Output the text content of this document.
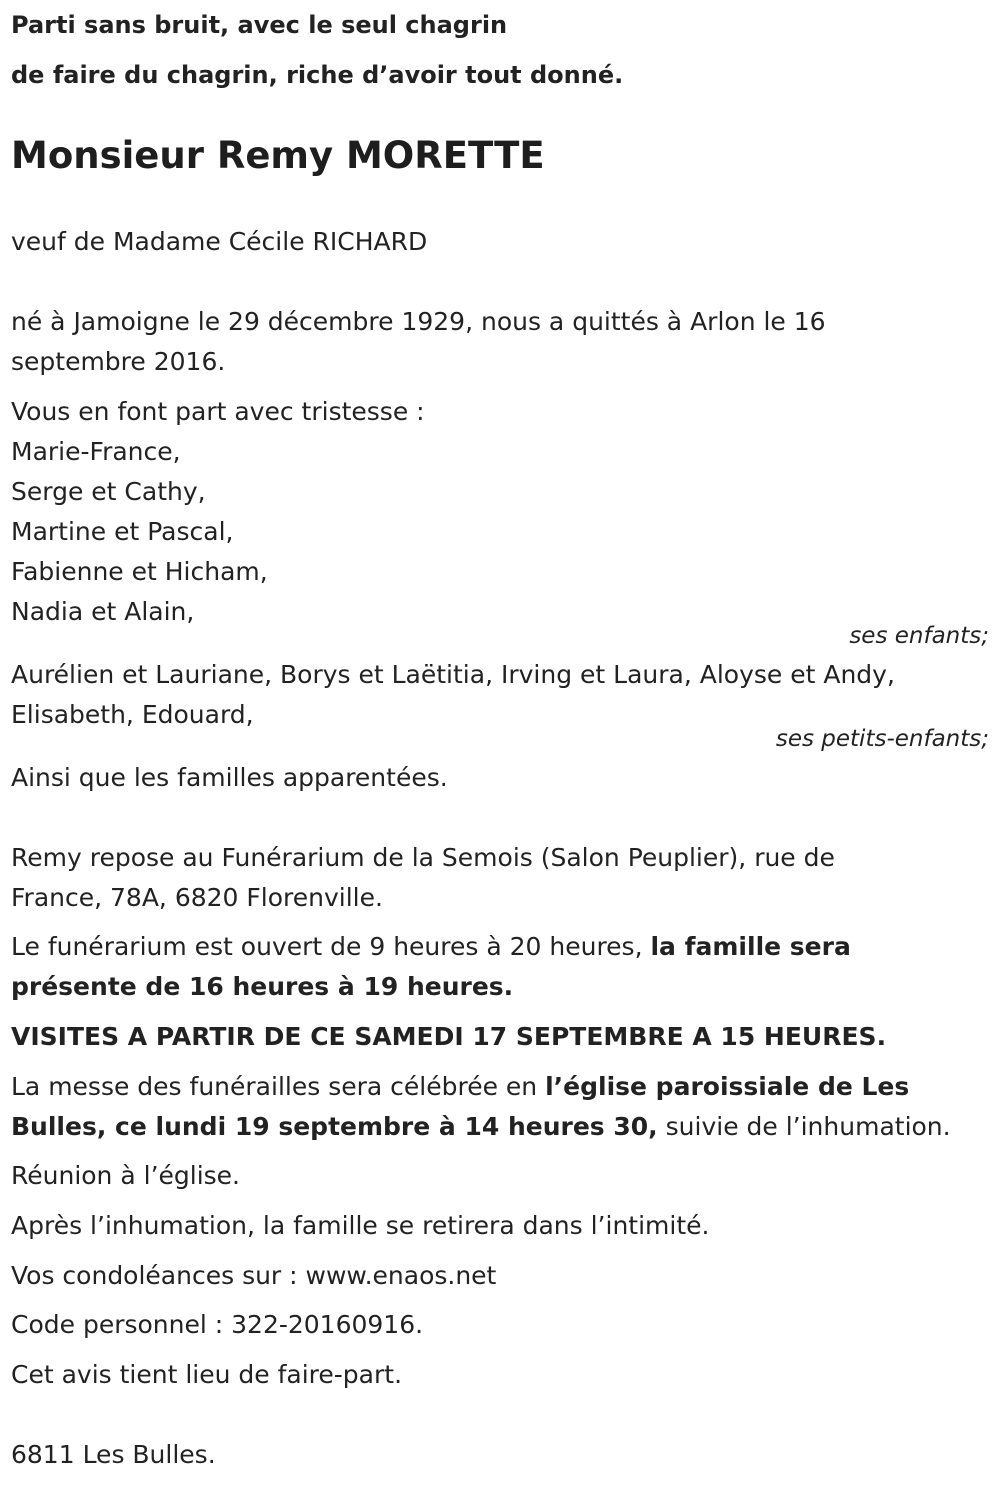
Parti sans bruit, avec le seul chagrin
de faire du chagrin, riche d’avoir tout donné.
Monsieur Remy MORETTE
veuf de Madame Cécile RICHARD
né à Jamoigne le 29 décembre 1929, nous a quittés à Arlon le 16
septembre 2016.
Vous en font part avec tristesse :
Marie-France,
Serge et Cathy,
Martine et Pascal,
Fabienne et Hicham,
Nadia et Alain,
ses enfants;
Aurélien et Lauriane, Borys et Laëtitia, Irving et Laura, Aloyse et Andy,
Elisabeth, Edouard,
ses petits-enfants;
Ainsi que les familles apparentées.
Remy repose au Funérarium de la Semois (Salon Peuplier), rue de
France, 78A, 6820 Florenville.
Le funérarium est ouvert de 9 heures à 20 heures, la famille sera
présente de 16 heures à 19 heures.
VISITES A PARTIR DE CE SAMEDI 17 SEPTEMBRE A 15 HEURES.
La messe des funérailles sera célébrée en l’église paroissiale de Les
Bulles, ce lundi 19 septembre à 14 heures 30, suivie de l’inhumation.
Réunion à l’église.
Après l’inhumation, la famille se retirera dans l’intimité.
Vos condoléances sur : www.enaos.net
Code personnel : 322-20160916.
Cet avis tient lieu de faire-part.
6811 Les Bulles.
